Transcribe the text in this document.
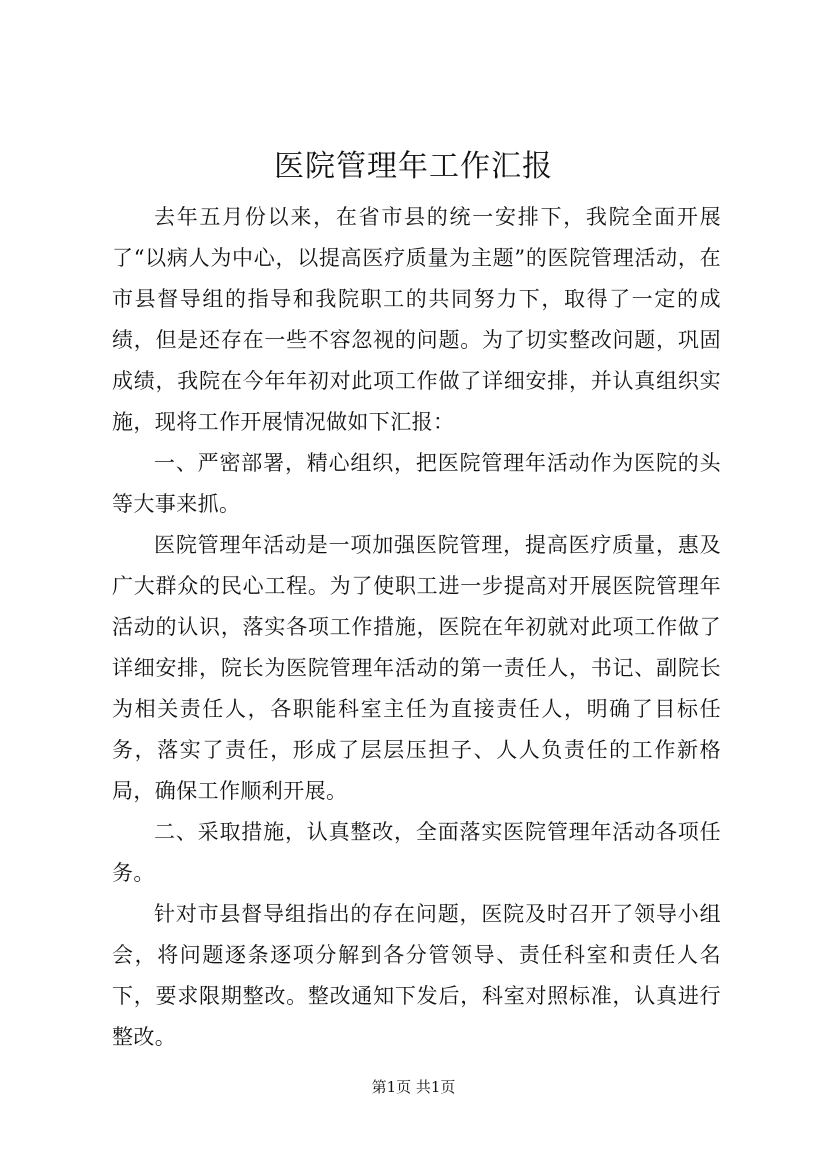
医院管理年工作汇报

去年五月份以来，在省市县的统一安排下，我院全面开展了“以病人为中心，以提高医疗质量为主题”的医院管理活动，在市县督导组的指导和我院职工的共同努力下，取得了一定的成绩，但是还存在一些不容忽视的问题。为了切实整改问题，巩固成绩，我院在今年年初对此项工作做了详细安排，并认真组织实施，现将工作开展情况做如下汇报：

一、严密部署，精心组织，把医院管理年活动作为医院的头等大事来抓。

医院管理年活动是一项加强医院管理，提高医疗质量，惠及广大群众的民心工程。为了使职工进一步提高对开展医院管理年活动的认识，落实各项工作措施，医院在年初就对此项工作做了详细安排，院长为医院管理年活动的第一责任人，书记、副院长为相关责任人，各职能科室主任为直接责任人，明确了目标任务，落实了责任，形成了层层压担子、人人负责任的工作新格局，确保工作顺利开展。

二、采取措施，认真整改，全面落实医院管理年活动各项任务。

针对市县督导组指出的存在问题，医院及时召开了领导小组会，将问题逐条逐项分解到各分管领导、责任科室和责任人名下，要求限期整改。整改通知下发后，科室对照标准，认真进行整改。

第1页 共1页
